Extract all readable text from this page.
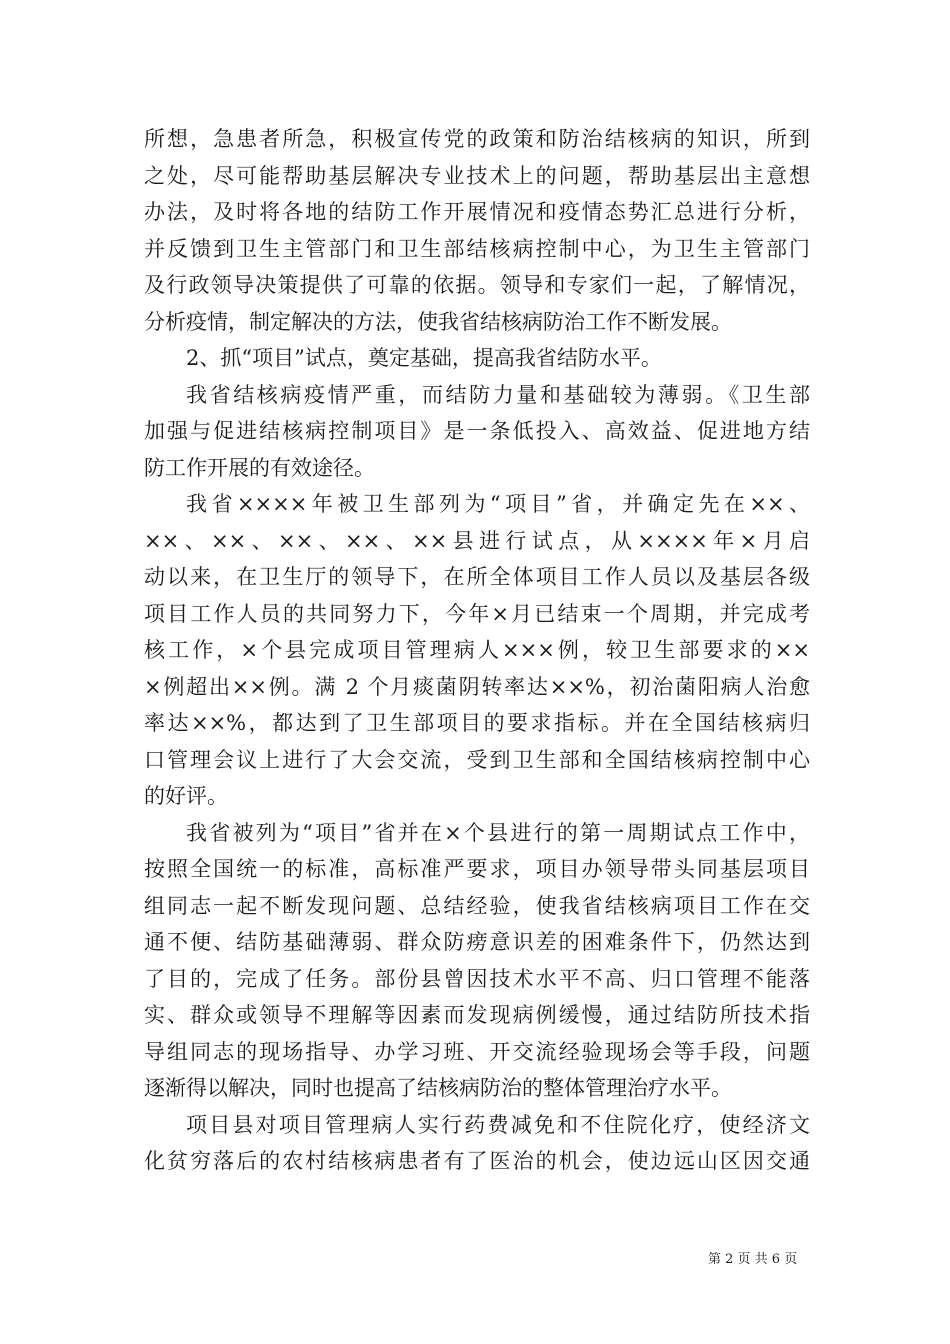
所想，急患者所急，积极宣传党的政策和防治结核病的知识，所到
之处，尽可能帮助基层解决专业技术上的问题，帮助基层出主意想
办法，及时将各地的结防工作开展情况和疫情态势汇总进行分析，
并反馈到卫生主管部门和卫生部结核病控制中心，为卫生主管部门
及行政领导决策提供了可靠的依据。领导和专家们一起，了解情况，
分析疫情，制定解决的方法，使我省结核病防治工作不断发展。
2、抓“项目”试点，奠定基础，提高我省结防水平。
我省结核病疫情严重，而结防力量和基础较为薄弱。《卫生部
加强与促进结核病控制项目》是一条低投入、高效益、促进地方结
防工作开展的有效途径。
我省××××年被卫生部列为“项目”省，并确定先在××、
××、××、××、××、××县进行试点，从××××年×月启
动以来，在卫生厅的领导下，在所全体项目工作人员以及基层各级
项目工作人员的共同努力下，今年×月已结束一个周期，并完成考
核工作，×个县完成项目管理病人×××例，较卫生部要求的××
×例超出××例。满 2 个月痰菌阴转率达××%，初治菌阳病人治愈
率达××%，都达到了卫生部项目的要求指标。并在全国结核病归
口管理会议上进行了大会交流，受到卫生部和全国结核病控制中心
的好评。
我省被列为“项目”省并在×个县进行的第一周期试点工作中，
按照全国统一的标准，高标准严要求，项目办领导带头同基层项目
组同志一起不断发现问题、总结经验，使我省结核病项目工作在交
通不便、结防基础薄弱、群众防痨意识差的困难条件下，仍然达到
了目的，完成了任务。部份县曾因技术水平不高、归口管理不能落
实、群众或领导不理解等因素而发现病例缓慢，通过结防所技术指
导组同志的现场指导、办学习班、开交流经验现场会等手段，问题
逐渐得以解决，同时也提高了结核病防治的整体管理治疗水平。
项目县对项目管理病人实行药费减免和不住院化疗，使经济文
化贫穷落后的农村结核病患者有了医治的机会，使边远山区因交通
第 2 页 共 6 页
